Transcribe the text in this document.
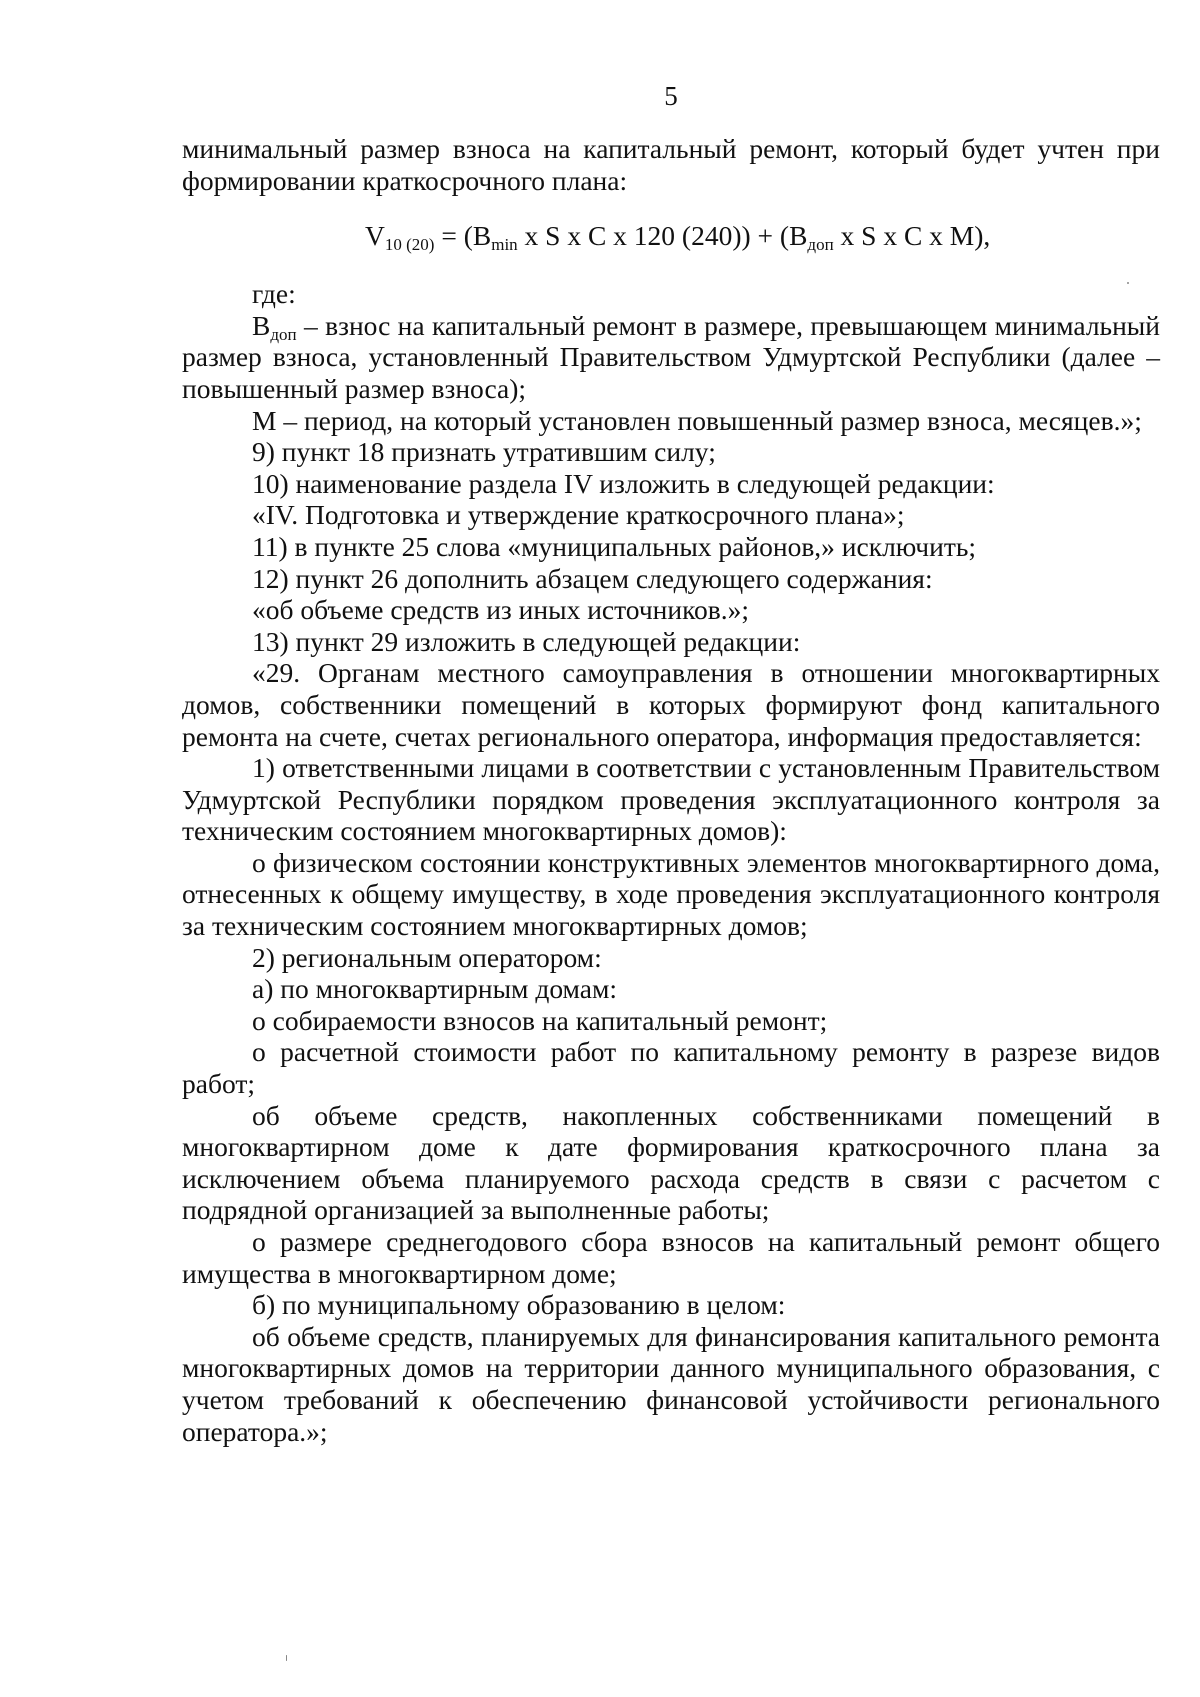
5

минимальный размер взноса на капитальный ремонт, который будет учтен при формировании краткосрочного плана:

$V_{10 (20)} = (B_{min}$ x S x C x 120 $(240)) + (B_{доп}$ x S x C x M),

где:

$B_{доп}$ – взнос на капитальный ремонт в размере, превышающем минимальный размер взноса, установленный Правительством Удмуртской Республики (далее – повышенный размер взноса);

M – период, на который установлен повышенный размер взноса, месяцев.»;

9) пункт 18 признать утратившим силу;

10) наименование раздела IV изложить в следующей редакции:

«IV. Подготовка и утверждение краткосрочного плана»;

11) в пункте 25 слова «муниципальных районов,» исключить;

12) пункт 26 дополнить абзацем следующего содержания:

«об объеме средств из иных источников.»;

13) пункт 29 изложить в следующей редакции:

«29. Органам местного самоуправления в отношении многоквартирных домов, собственники помещений в которых формируют фонд капитального ремонта на счете, счетах регионального оператора, информация предоставляется:

1) ответственными лицами в соответствии с установленным Правительством Удмуртской Республики порядком проведения эксплуатационного контроля за техническим состоянием многоквартирных домов):

о физическом состоянии конструктивных элементов многоквартирного дома, отнесенных к общему имуществу, в ходе проведения эксплуатационного контроля за техническим состоянием многоквартирных домов;

2) региональным оператором:

а) по многоквартирным домам:

о собираемости взносов на капитальный ремонт;

о расчетной стоимости работ по капитальному ремонту в разрезе видов работ;

об объеме средств, накопленных собственниками помещений в многоквартирном доме к дате формирования краткосрочного плана за исключением объема планируемого расхода средств в связи с расчетом с подрядной организацией за выполненные работы;

о размере среднегодового сбора взносов на капитальный ремонт общего имущества в многоквартирном доме;

б) по муниципальному образованию в целом:

об объеме средств, планируемых для финансирования капитального ремонта многоквартирных домов на территории данного муниципального образования, с учетом требований к обеспечению финансовой устойчивости регионального оператора.»;
